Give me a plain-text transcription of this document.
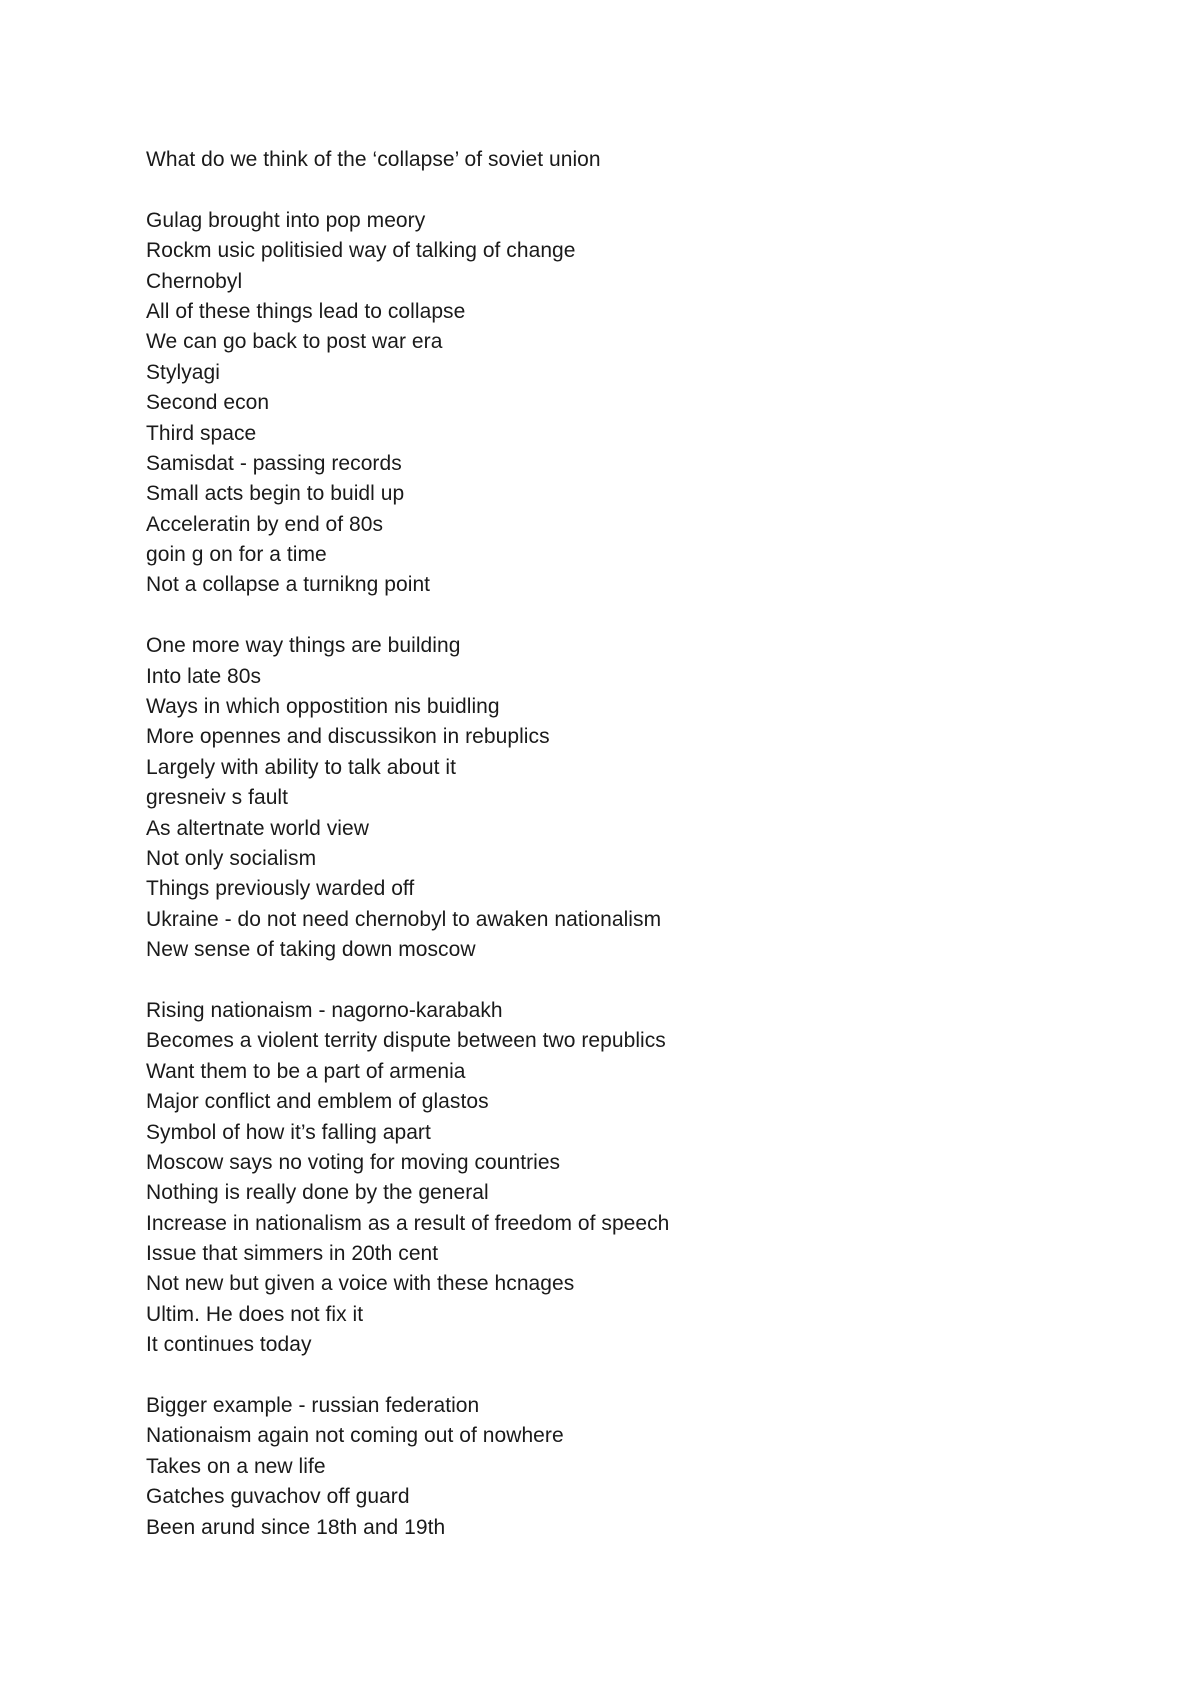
What do we think of the ‘collapse’ of soviet union
Gulag brought into pop meory
Rockm usic politisied way of talking of change
Chernobyl
All of these things lead to collapse
We can go back to post war era
Stylyagi
Second econ
Third space
Samisdat - passing records
Small acts begin to buidl up
Acceleratin by end of 80s
goin g on for a time
Not a collapse a turnikng point
One more way things are building
Into late 80s
Ways in which oppostition nis buidling
More opennes and discussikon in rebuplics
Largely with ability to talk about it
gresneiv s fault
As altertnate world view
Not only socialism
Things previously warded off
Ukraine - do not need chernobyl to awaken nationalism
New sense of taking down moscow
Rising nationaism - nagorno-karabakh
Becomes a violent territy dispute between two republics
Want them to be a part of armenia
Major conflict and emblem of glastos
Symbol of how it’s falling apart
Moscow says no voting for moving countries
Nothing is really done by the general
Increase in nationalism as a result of freedom of speech
Issue that simmers in 20th cent
Not new but given a voice with these hcnages
Ultim. He does not fix it
It continues today
Bigger example - russian federation
Nationaism again not coming out of nowhere
Takes on a new life
Gatches guvachov off guard
Been arund since 18th and 19th
